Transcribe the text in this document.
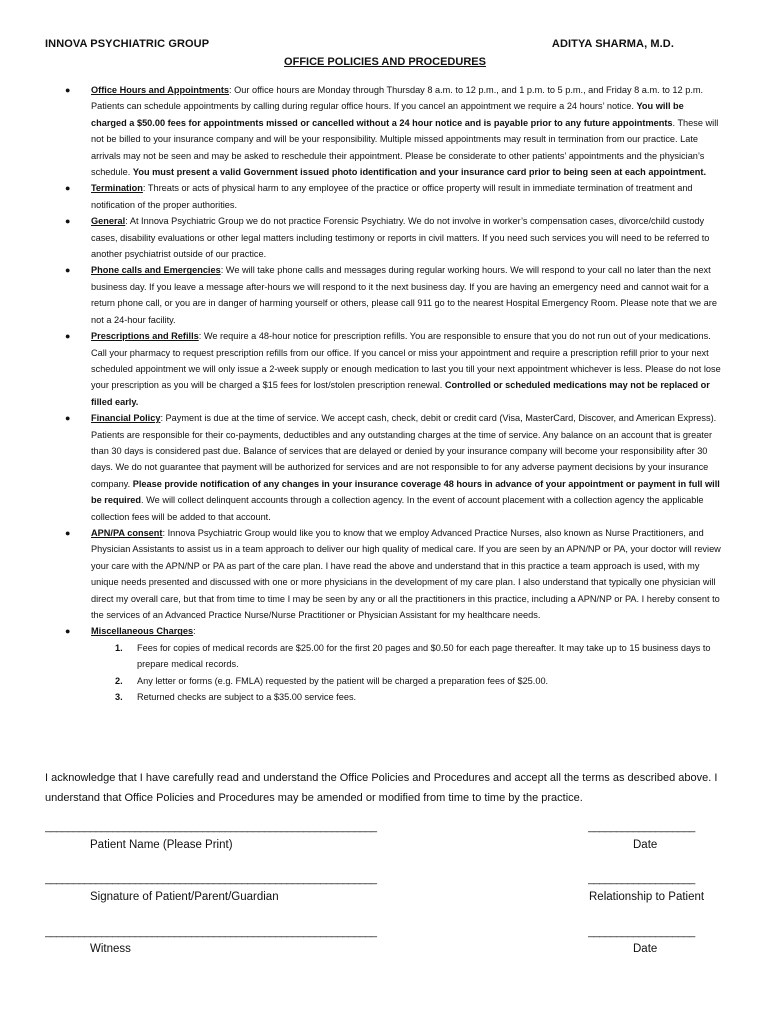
INNOVA PSYCHIATRIC GROUP	ADITYA SHARMA, M.D.
OFFICE POLICIES AND PROCEDURES
● Office Hours and Appointments: Our office hours are Monday through Thursday 8 a.m. to 12 p.m., and 1 p.m. to 5 p.m., and Friday 8 a.m. to 12 p.m. Patients can schedule appointments by calling during regular office hours. If you cancel an appointment we require a 24 hours’ notice. You will be charged a $50.00 fees for appointments missed or cancelled without a 24 hour notice and is payable prior to any future appointments. These will not be billed to your insurance company and will be your responsibility. Multiple missed appointments may result in termination from our practice. Late arrivals may not be seen and may be asked to reschedule their appointment. Please be considerate to other patients’ appointments and the physician’s schedule. You must present a valid Government issued photo identification and your insurance card prior to being seen at each appointment.
● Termination: Threats or acts of physical harm to any employee of the practice or office property will result in immediate termination of treatment and notification of the proper authorities.
● General: At Innova Psychiatric Group we do not practice Forensic Psychiatry. We do not involve in worker’s compensation cases, divorce/child custody cases, disability evaluations or other legal matters including testimony or reports in civil matters. If you need such services you will need to be referred to another psychiatrist outside of our practice.
● Phone calls and Emergencies: We will take phone calls and messages during regular working hours. We will respond to your call no later than the next business day. If you leave a message after-hours we will respond to it the next business day. If you are having an emergency need and cannot wait for a return phone call, or you are in danger of harming yourself or others, please call 911 go to the nearest Hospital Emergency Room. Please note that we are not a 24-hour facility.
● Prescriptions and Refills: We require a 48-hour notice for prescription refills. You are responsible to ensure that you do not run out of your medications. Call your pharmacy to request prescription refills from our office. If you cancel or miss your appointment and require a prescription refill prior to your next scheduled appointment we will only issue a 2-week supply or enough medication to last you till your next appointment whichever is less. Please do not lose your prescription as you will be charged a $15 fees for lost/stolen prescription renewal. Controlled or scheduled medications may not be replaced or filled early.
● Financial Policy: Payment is due at the time of service. We accept cash, check, debit or credit card (Visa, MasterCard, Discover, and American Express). Patients are responsible for their co-payments, deductibles and any outstanding charges at the time of service. Any balance on an account that is greater than 30 days is considered past due. Balance of services that are delayed or denied by your insurance company will become your responsibility after 30 days. We do not guarantee that payment will be authorized for services and are not responsible to for any adverse payment decisions by your insurance company. Please provide notification of any changes in your insurance coverage 48 hours in advance of your appointment or payment in full will be required. We will collect delinquent accounts through a collection agency. In the event of account placement with a collection agency the applicable collection fees will be added to that account.
● APN/PA consent: Innova Psychiatric Group would like you to know that we employ Advanced Practice Nurses, also known as Nurse Practitioners, and Physician Assistants to assist us in a team approach to deliver our high quality of medical care. If you are seen by an APN/NP or PA, your doctor will review your care with the APN/NP or PA as part of the care plan. I have read the above and understand that in this practice a team approach is used, with my unique needs presented and discussed with one or more physicians in the development of my care plan. I also understand that typically one physician will direct my overall care, but that from time to time I may be seen by any or all the practitioners in this practice, including a APN/NP or PA. I hereby consent to the services of an Advanced Practice Nurse/Nurse Practitioner or Physician Assistant for my healthcare needs.
● Miscellaneous Charges:
1. Fees for copies of medical records are $25.00 for the first 20 pages and $0.50 for each page thereafter. It may take up to 15 business days to prepare medical records.
2. Any letter or forms (e.g. FMLA) requested by the patient will be charged a preparation fees of $25.00.
3. Returned checks are subject to a $35.00 service fees.
I acknowledge that I have carefully read and understand the Office Policies and Procedures and accept all the terms as described above. I understand that Office Policies and Procedures may be amended or modified from time to time by the practice.
___________________________________________________________	___________________
Patient Name (Please Print)	Date
___________________________________________________________	___________________
Signature of Patient/Parent/Guardian	Relationship to Patient
___________________________________________________________	___________________
Witness	Date
